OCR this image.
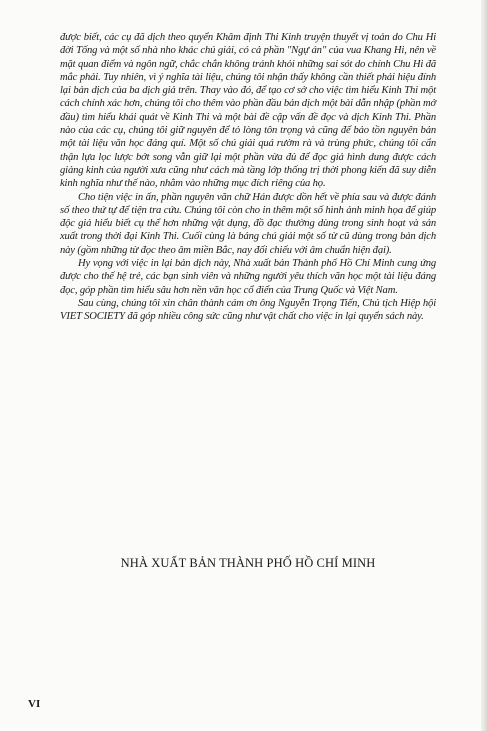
được biết, các cụ đã dịch theo quyển Khâm định Thi Kinh truyện thuyết vị toản do Chu Hi đời Tống và một số nhà nho khác chú giải, có cả phần "Ngự án" của vua Khang Hi, nên về mặt quan điểm và ngôn ngữ, chắc chắn không tránh khỏi những sai sót do chính Chu Hi đã mắc phải. Tuy nhiên, vì ý nghĩa tài liệu, chúng tôi nhận thấy không cần thiết phải hiệu đính lại bản dịch của ba dịch giả trên. Thay vào đó, để tạo cơ sở cho việc tìm hiểu Kinh Thi một cách chính xác hơn, chúng tôi cho thêm vào phần đầu bản dịch một bài dẫn nhập (phần mở đầu) tìm hiểu khái quát về Kinh Thi và một bài đề cập vấn đề đọc và dịch Kinh Thi. Phần nào của các cụ, chúng tôi giữ nguyên để tỏ lòng tôn trọng và cũng để bảo tồn nguyên bản một tài liệu văn học đáng quí. Một số chú giải quá rườm rà và trùng phức, chúng tôi cẩn thận lựa lọc lược bớt song vẫn giữ lại một phần vừa đủ để đọc giả hình dung được cách giảng kinh của người xưa cũng như cách mà tầng lớp thống trị thời phong kiến đã suy diễn kinh nghĩa như thế nào, nhằm vào những mục đích riêng của họ.

Cho tiện việc in ấn, phần nguyên văn chữ Hán được dồn hết về phía sau và được đánh số theo thứ tự để tiện tra cứu. Chúng tôi còn cho in thêm một số hình ảnh minh họa để giúp độc giả hiểu biết cụ thể hơn những vật dụng, đồ đạc thường dùng trong sinh hoạt và sản xuất trong thời đại Kinh Thi. Cuối cùng là bảng chú giải một số từ cũ dùng trong bản dịch này (gồm những từ đọc theo âm miền Bắc, nay đối chiếu với âm chuẩn hiện đại).

Hy vọng với việc in lại bản dịch này, Nhà xuất bản Thành phố Hồ Chí Minh cung ứng được cho thế hệ trẻ, các bạn sinh viên và những người yêu thích văn học một tài liệu đáng đọc, góp phần tìm hiểu sâu hơn nền văn học cổ điển của Trung Quốc và Việt Nam.

Sau cùng, chúng tôi xin chân thành cám ơn ông Nguyễn Trọng Tiến, Chủ tịch Hiệp hội VIET SOCIETY đã góp nhiều công sức cũng như vật chất cho việc in lại quyển sách này.

NHÀ XUẤT BẢN THÀNH PHỐ HỒ CHÍ MINH
VI
